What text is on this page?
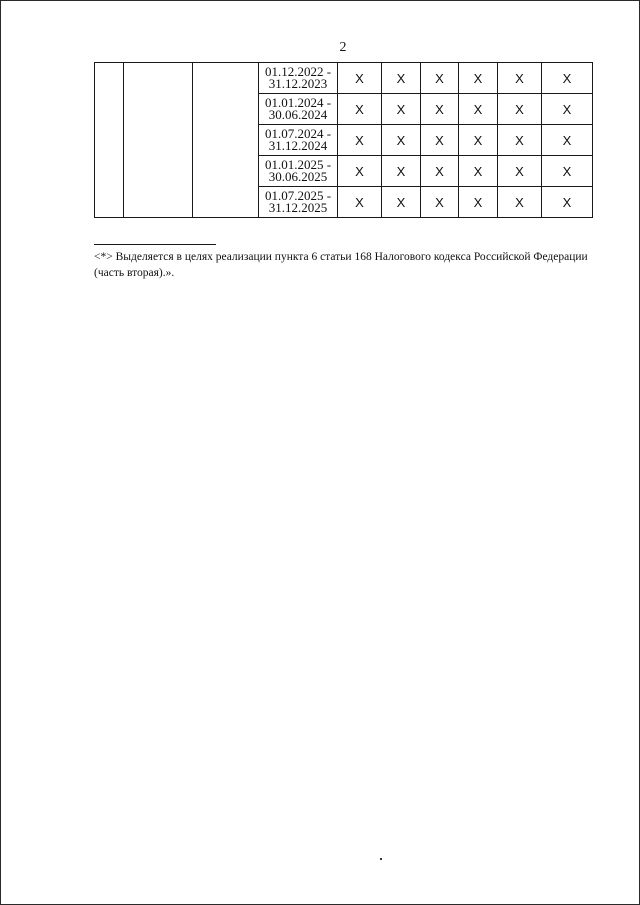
2

			01.12.2022 -
31.12.2023	X	X	X	X	X	X

			01.01.2024 -
30.06.2024	X	X	X	X	X	X

			01.07.2024 -
31.12.2024	X	X	X	X	X	X

			01.01.2025 -
30.06.2025	X	X	X	X	X	X

			01.07.2025 -
31.12.2025	X	X	X	X	X	X
<*> Выделяется в целях реализации пункта 6 статьи 168 Налогового кодекса Российской Федерации (часть вторая).».
